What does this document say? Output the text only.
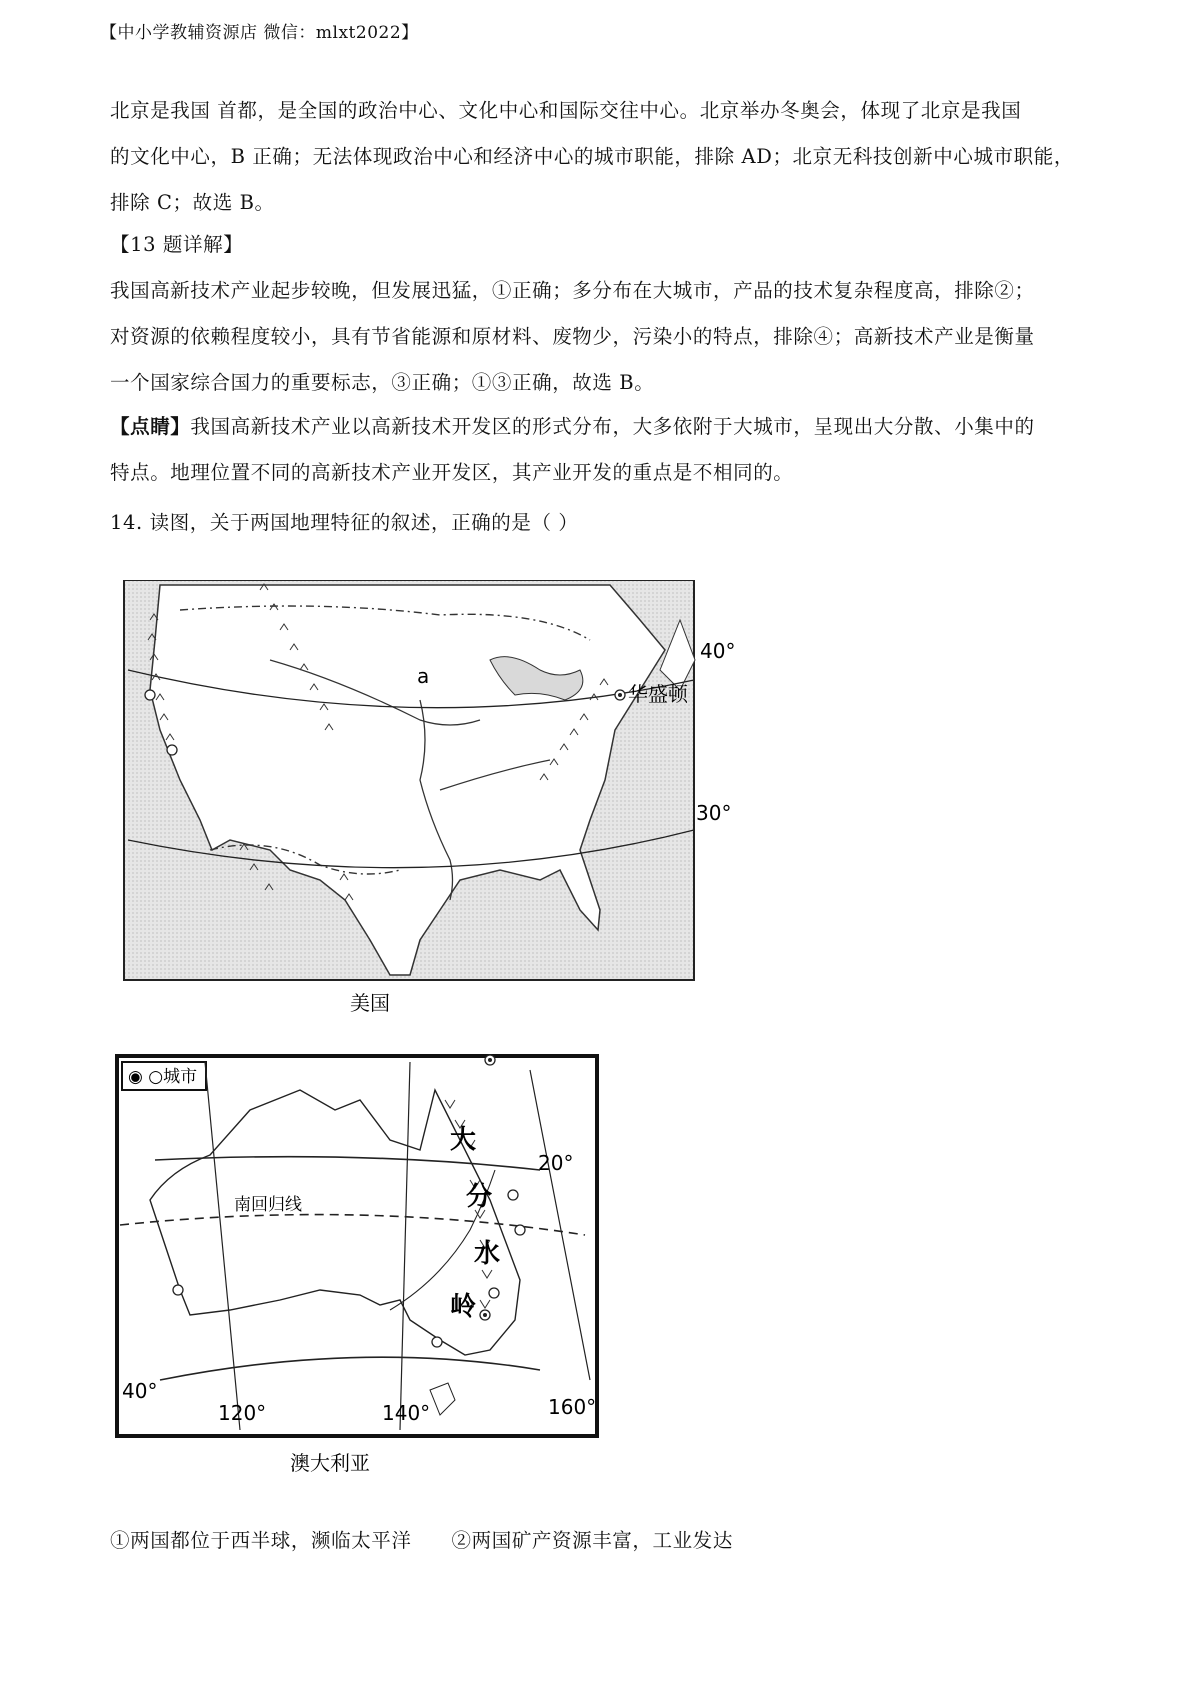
【中小学教辅资源店 微信：mlxt2022】
北京是我国 首都，是全国的政治中心、文化中心和国际交往中心。北京举办冬奥会，体现了北京是我国
的文化中心，B 正确；无法体现政治中心和经济中心的城市职能，排除 AD；北京无科技创新中心城市职能，
排除 C；故选 B。
【13 题详解】
我国高新技术产业起步较晚，但发展迅猛，①正确；多分布在大城市，产品的技术复杂程度高，排除②；
对资源的依赖程度较小，具有节省能源和原材料、废物少，污染小的特点，排除④；高新技术产业是衡量
一个国家综合国力的重要标志，③正确；①③正确，故选 B。
【点睛】我国高新技术产业以高新技术开发区的形式分布，大多依附于大城市，呈现出大分散、小集中的
特点。地理位置不同的高新技术产业开发区，其产业开发的重点是不相同的。
14. 读图，关于两国地理特征的叙述，正确的是（ ）
a
华盛顿
40°
30°
美国
◉ ○城市
大
分
水
岭
南回归线
20°
40°
120°	140°	160°
澳大利亚
①两国都位于西半球，濒临太平洋 ②两国矿产资源丰富，工业发达
